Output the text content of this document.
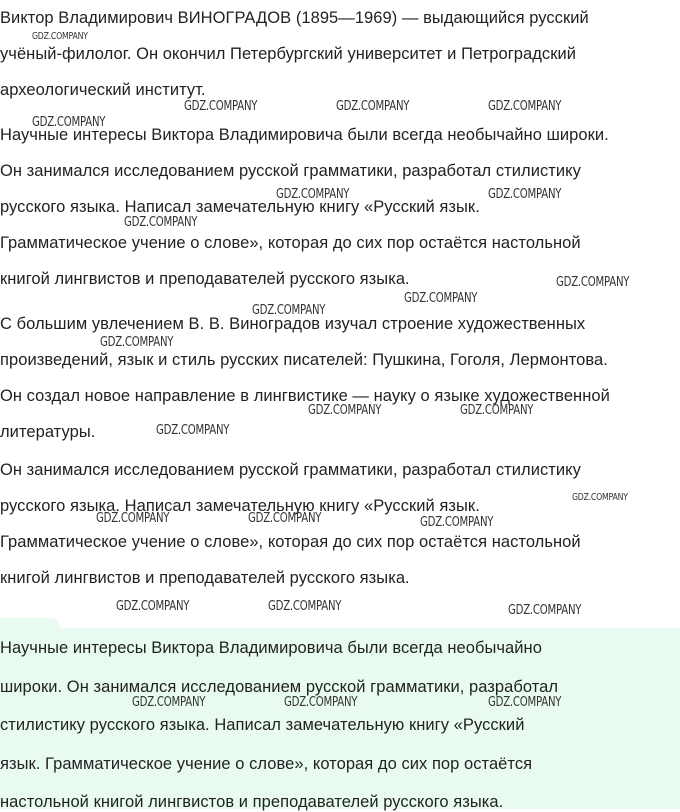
Виктор Владимирович ВИНОГРАДОВ (1895—1969) — выдающийся русский
учёный-филолог. Он окончил Петербургский университет и Петроградский
археологический институт.
Научные интересы Виктора Владимировича были всегда необычайно широки.
Он занимался исследованием русской грамматики, разработал стилистику
русского языка. Написал замечательную книгу «Русский язык.
Грамматическое учение о слове», которая до сих пор остаётся настольной
книгой лингвистов и преподавателей русского языка.
С большим увлечением В. В. Виноградов изучал строение художественных
произведений, язык и стиль русских писателей: Пушкина, Гоголя, Лермонтова.
Он создал новое направление в лингвистике — науку о языке художественной
литературы.
Он занимался исследованием русской грамматики, разработал стилистику
русского языка. Написал замечательную книгу «Русский язык.
Грамматическое учение о слове», которая до сих пор остаётся настольной
книгой лингвистов и преподавателей русского языка.
Научные интересы Виктора Владимировича были всегда необычайно
широки. Он занимался исследованием русской грамматики, разработал
стилистику русского языка. Написал замечательную книгу «Русский
язык. Грамматическое учение о слове», которая до сих пор остаётся
настольной книгой лингвистов и преподавателей русского языка.
GDZ.COMPANY
GDZ.COMPANY	GDZ.COMPANY	GDZ.COMPANY
GDZ.COMPANY
GDZ.COMPANY	GDZ.COMPANY
GDZ.COMPANY
GDZ.COMPANY
GDZ.COMPANY
GDZ.COMPANY
GDZ.COMPANY
GDZ.COMPANY	GDZ.COMPANY
GDZ.COMPANY
GDZ.COMPANY
GDZ.COMPANY	GDZ.COMPANY	GDZ.COMPANY
GDZ.COMPANY	GDZ.COMPANY	GDZ.COMPANY
GDZ.COMPANY	GDZ.COMPANY	GDZ.COMPANY
